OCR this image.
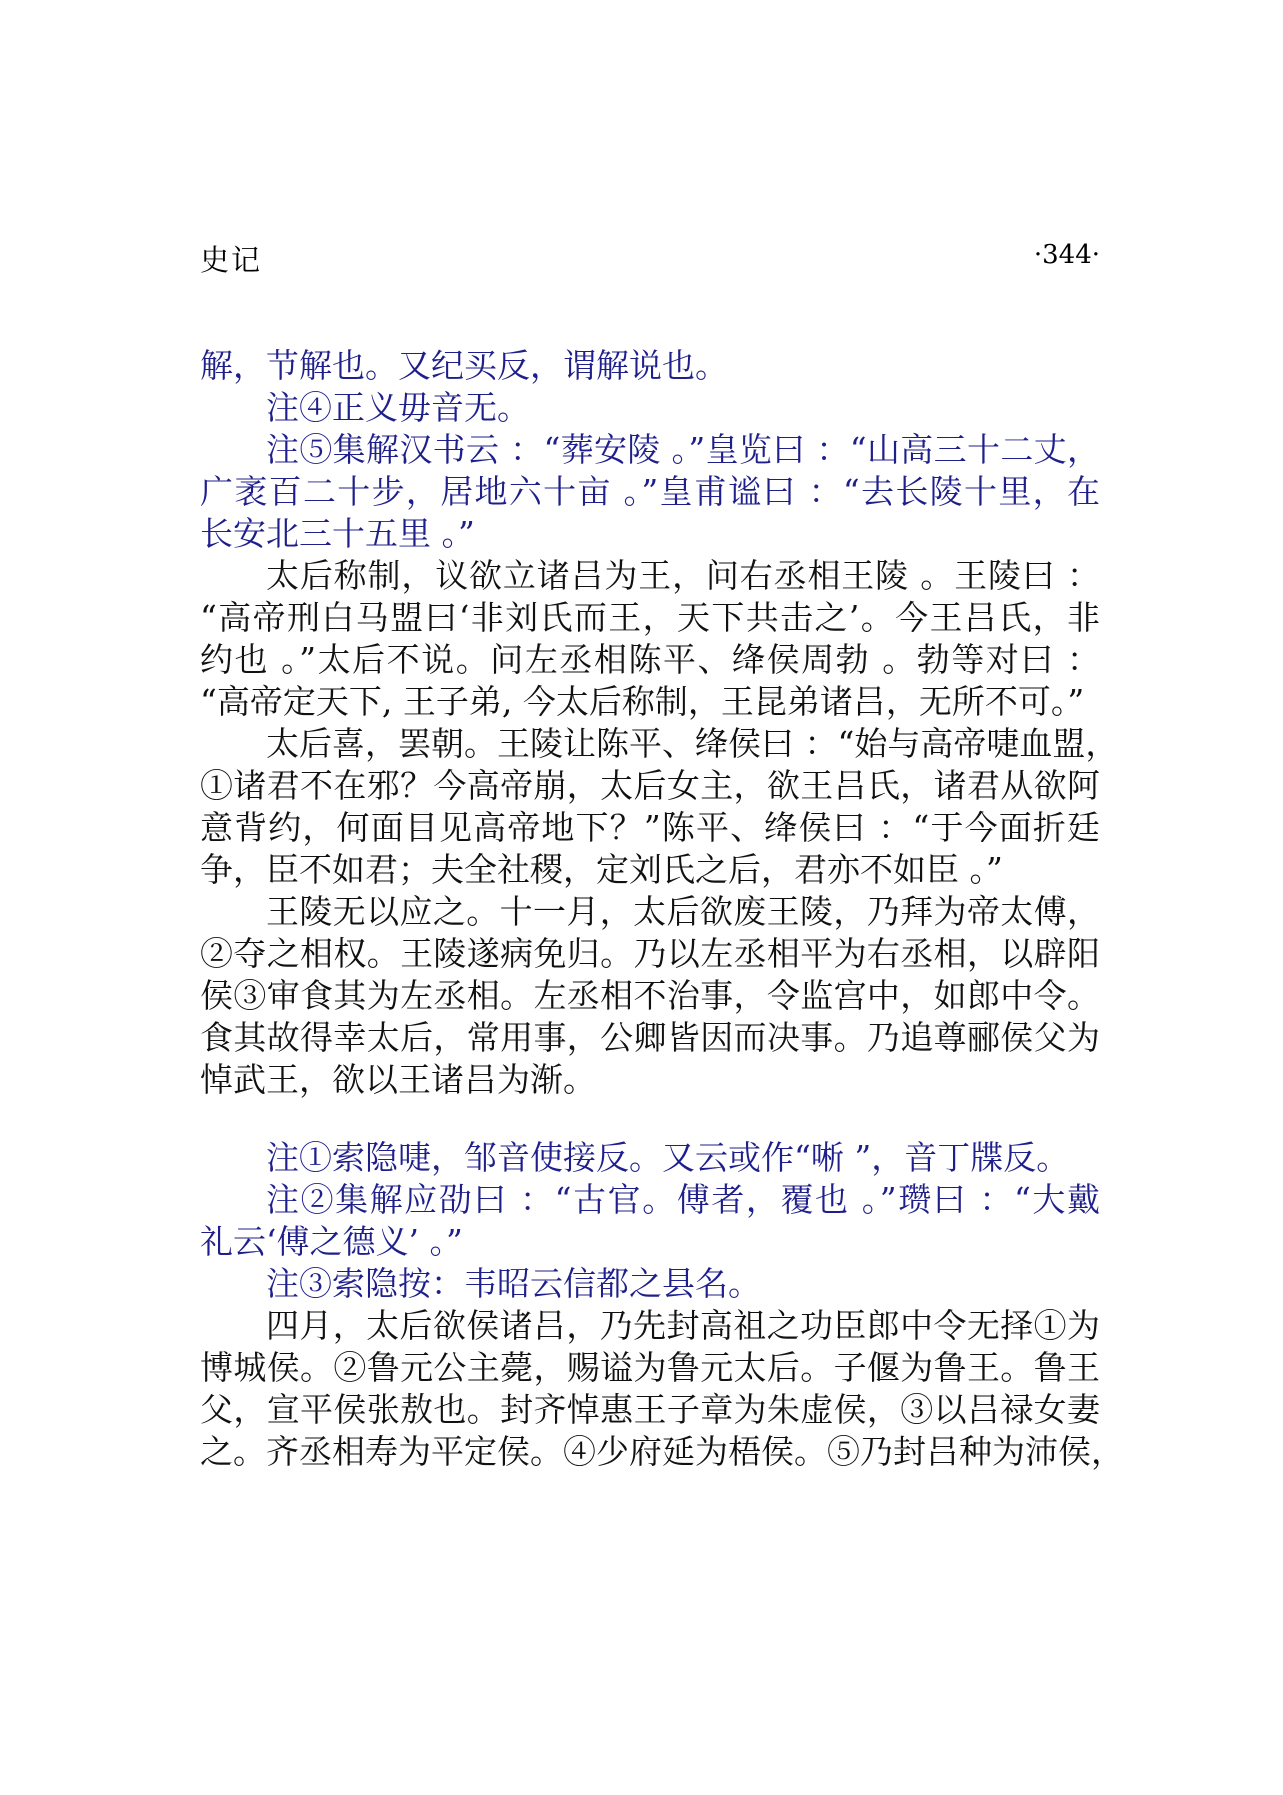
史记	·344·
解，节解也。又纪买反，谓解说也。
注④正义毋音无。
注⑤集解汉书云 ：“葬安陵 。”皇览曰 ：“山高三十二丈，
广袤百二十步，居地六十亩 。”皇甫谧曰 ：“去长陵十里，在
长安北三十五里 。”
太后称制，议欲立诸吕为王，问右丞相王陵 。王陵曰 ：
“高帝刑白马盟曰‘非刘氏而王，天下共击之’。今王吕氏，非
约也 。”太后不说。问左丞相陈平、绛侯周勃 。勃等对曰 ：
“高帝定天下, 王子弟, 今太后称制，王昆弟诸吕，无所不可。”
太后喜，罢朝。王陵让陈平、绛侯曰 ：“始与高帝啑血盟，
①诸君不在邪？今高帝崩，太后女主，欲王吕氏，诸君从欲阿
意背约，何面目见高帝地下？”陈平、绛侯曰 ：“于今面折廷
争，臣不如君；夫全社稷，定刘氏之后，君亦不如臣 。”
王陵无以应之。十一月，太后欲废王陵，乃拜为帝太傅，
②夺之相权。王陵遂病免归。乃以左丞相平为右丞相，以辟阳
侯③审食其为左丞相。左丞相不治事，令监宫中，如郎中令。
食其故得幸太后，常用事，公卿皆因而决事。乃追尊郦侯父为
悼武王，欲以王诸吕为渐。
注①索隐啑，邹音使接反。又云或作“唽 ”，音丁牒反。
注②集解应劭曰 ：“古官。傅者，覆也 。”瓒曰 ：“大戴
礼云‘傅之德义’ 。”
注③索隐按：韦昭云信都之县名。
四月，太后欲侯诸吕，乃先封高祖之功臣郎中令无择①为
博城侯。②鲁元公主薨，赐谥为鲁元太后。子偃为鲁王。鲁王
父，宣平侯张敖也。封齐悼惠王子章为朱虚侯，③以吕禄女妻
之。齐丞相寿为平定侯。④少府延为梧侯。⑤乃封吕种为沛侯，
